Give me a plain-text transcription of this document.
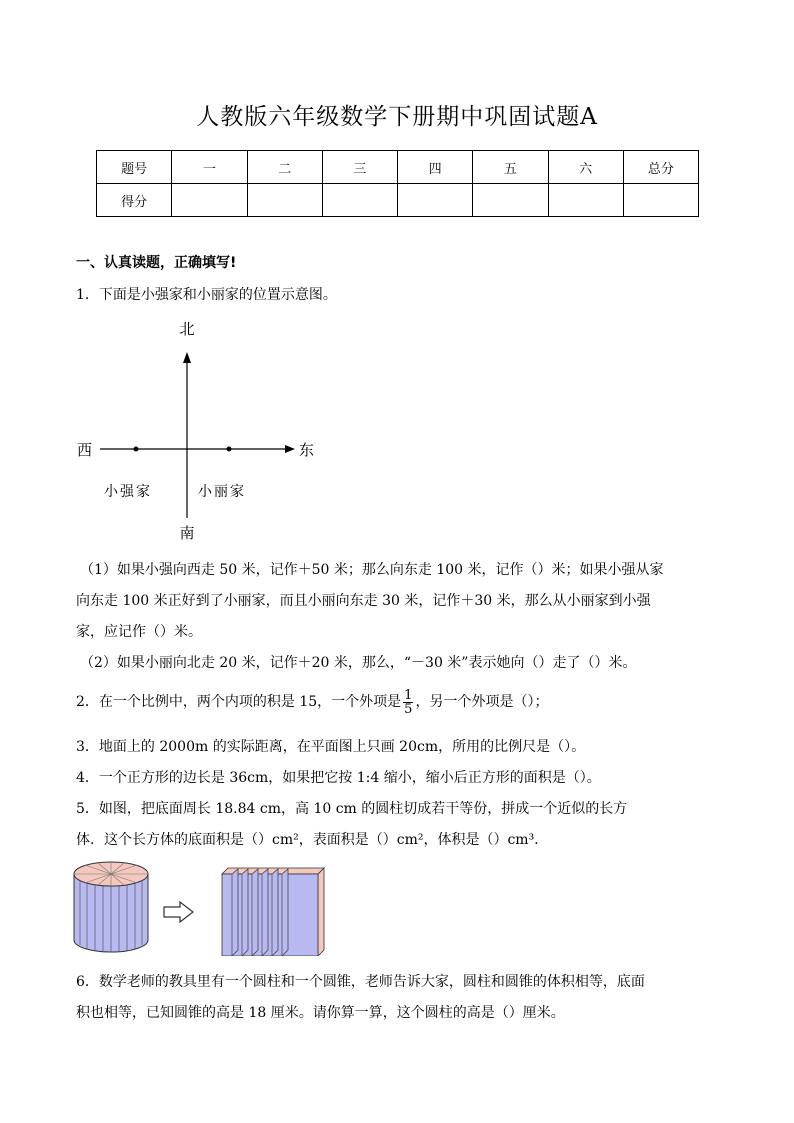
人教版六年级数学下册期中巩固试题A
题号	一	二	三	四	五	六	总分
得分							
一、认真读题，正确填写!
1．下面是小强家和小丽家的位置示意图。
北
南
西	东
小强家	小丽家
（1）如果小强向西走 50 米，记作＋50 米；那么向东走 100 米，记作（）米；如果小强从家
向东走 100 米正好到了小丽家，而且小丽向东走 30 米，记作＋30 米，那么从小丽家到小强
家，应记作（）米。
（2）如果小丽向北走 20 米，记作＋20 米，那么，“－30 米”表示她向（）走了（）米。
2．在一个比例中，两个内项的积是 15，一个外项是 $\frac{1}{5}$ ，另一个外项是（）；
3．地面上的 2000m 的实际距离，在平面图上只画 20cm，所用的比例尺是（）。
4．一个正方形的边长是 36cm，如果把它按 1:4 缩小，缩小后正方形的面积是（）。
5．如图，把底面周长 18.84 cm，高 10 cm 的圆柱切成若干等份，拼成一个近似的长方
体．这个长方体的底面积是（）cm²，表面积是（）cm²，体积是（）cm³.
6．数学老师的教具里有一个圆柱和一个圆锥，老师告诉大家，圆柱和圆锥的体积相等，底面
积也相等，已知圆锥的高是 18 厘米。请你算一算，这个圆柱的高是（）厘米。
